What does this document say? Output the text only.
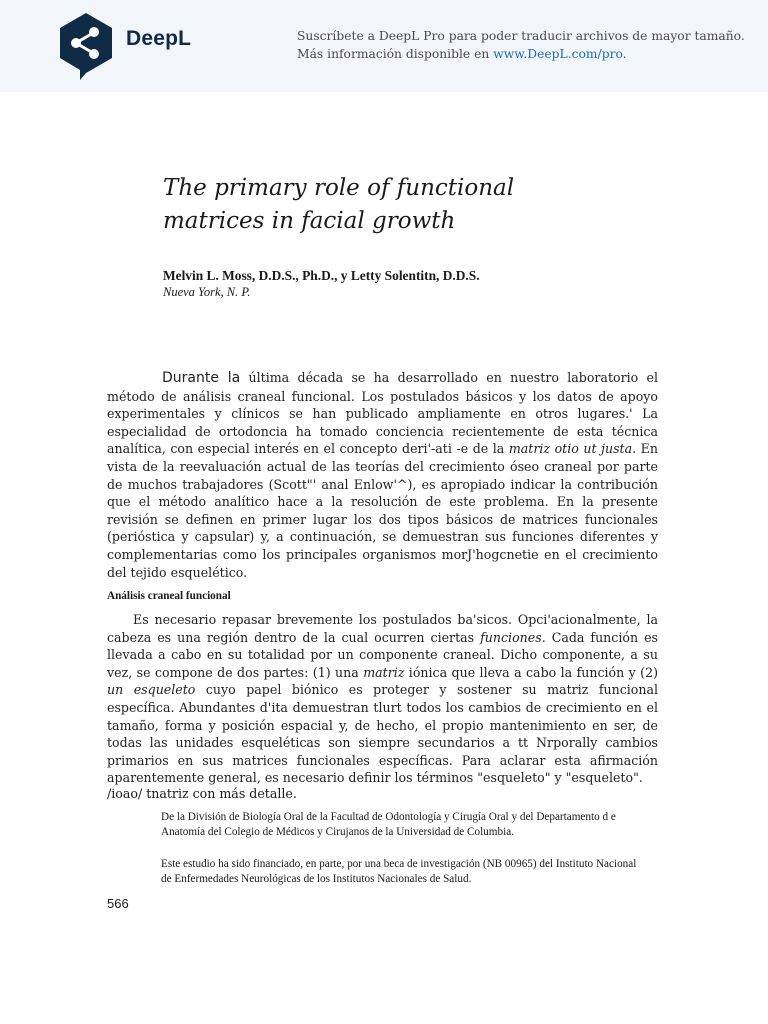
DeepL	Suscríbete a DeepL Pro para poder traducir archivos de mayor tamaño.
Más información disponible en www.DeepL.com/pro.
The primary role of functional
matrices in facial growth
Melvin L. Moss, D.D.S., Ph.D., y Letty Solentitn, D.D.S.
Nueva York, N. P.

Durante la última década se ha desarrollado en nuestro laboratorio el método de análisis craneal funcional. Los postulados básicos y los datos de apoyo experimentales y clínicos se han publicado ampliamente en otros lugares.' La especialidad de ortodoncia ha tomado conciencia recientemente de esta técnica analítica, con especial interés en el concepto deri'-ati -e de la matriz otio ut justa. En vista de la reevaluación actual de las teorías del crecimiento óseo craneal por parte de muchos trabajadores (Scott"' anal Enlow'^), es apropiado indicar la contribución que el método analítico hace a la resolución de este problema. En la presente revisión se definen en primer lugar los dos tipos básicos de matrices funcionales (perióstica y capsular) y, a continuación, se demuestran sus funciones diferentes y complementarias como los principales organismos morJ'hogcnetie en el crecimiento del tejido esquelético.

Análisis craneal funcional

Es necesario repasar brevemente los postulados ba'sicos. Opci'acionalmente, la cabeza es una región dentro de la cual ocurren ciertas funciones. Cada función es llevada a cabo en su totalidad por un componente craneal. Dicho componente, a su vez, se compone de dos partes: (1) una matriz iónica que lleva a cabo la función y (2) un esqueleto cuyo papel biónico es proteger y sostener su matriz funcional específica. Abundantes d'ita demuestran tlurt todos los cambios de crecimiento en el tamaño, forma y posición espacial y, de hecho, el propio mantenimiento en ser, de todas las unidades esqueléticas son siempre secundarios a tt Nrporally cambios primarios en sus matrices funcionales específicas. Para aclarar esta afirmación aparentemente general, es necesario definir los términos "esqueleto" y "esqueleto".

/ioao/ tnatriz con más detalle.

De la División de Biología Oral de la Facultad de Odontología y Cirugía Oral y del Departamento d e Anatomía del Colegio de Médicos y Cirujanos de la Universidad de Columbia.

Este estudio ha sido financiado, en parte, por una beca de investigación (NB 00965) del Instituto Nacional de Enfermedades Neurológicas de los Institutos Nacionales de Salud.

566
